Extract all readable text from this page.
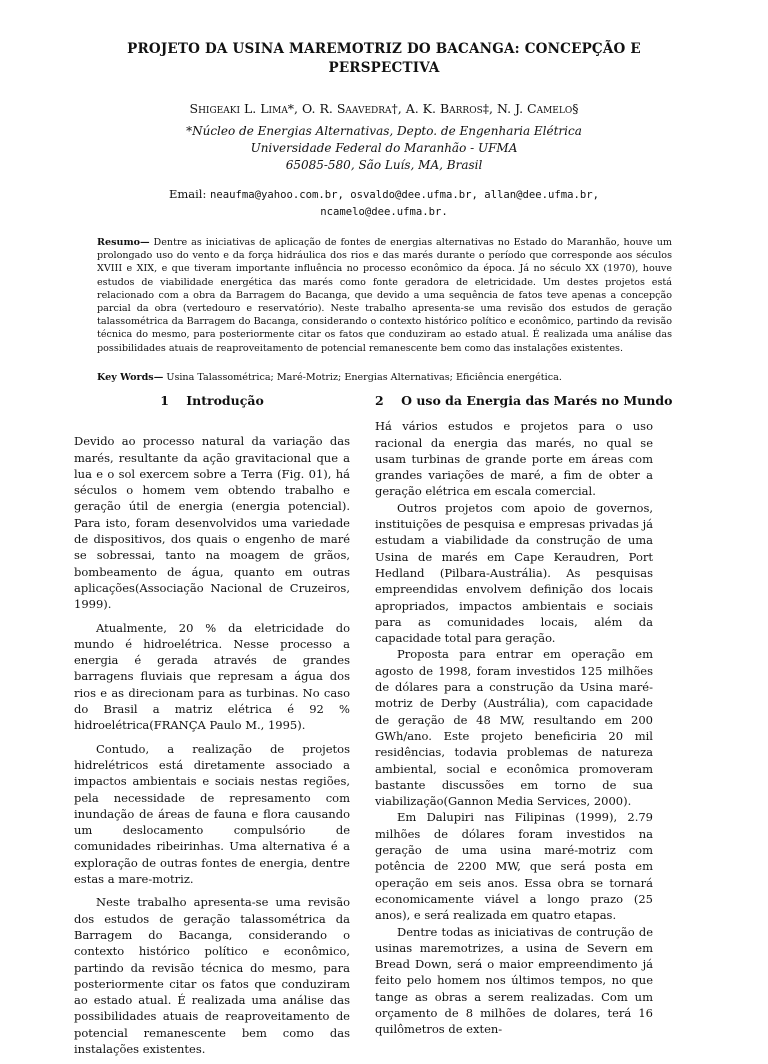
PROJETO DA USINA MAREMOTRIZ DO BACANGA: CONCEPÇÃO E
PERSPECTIVA
Shigeaki L. Lima*, O. R. Saavedra†, A. K. Barros‡, N. J. Camelo§
*Núcleo de Energias Alternativas, Depto. de Engenharia Elétrica
Universidade Federal do Maranhão - UFMA
65085-580, São Luís, MA, Brasil
Email: neaufma@yahoo.com.br, osvaldo@dee.ufma.br, allan@dee.ufma.br,
ncamelo@dee.ufma.br.
Resumo— Dentre as iniciativas de aplicação de fontes de energias alternativas no Estado do Maranhão, houve um prolongado uso do vento e da força hidráulica dos rios e das marés durante o período que corresponde aos séculos XVIII e XIX, e que tiveram importante influência no processo econômico da época. Já no século XX (1970), houve estudos de viabilidade energética das marés como fonte geradora de eletricidade. Um destes projetos está relacionado com a obra da Barragem do Bacanga, que devido a uma sequência de fatos teve apenas a concepção parcial da obra (vertedouro e reservatório). Neste trabalho apresenta-se uma revisão dos estudos de geração talassométrica da Barragem do Bacanga, considerando o contexto histórico político e econômico, partindo da revisão técnica do mesmo, para posteriormente citar os fatos que conduziram ao estado atual. É realizada uma análise das possibilidades atuais de reaproveitamento de potencial remanescente bem como das instalações existentes.
Key Words— Usina Talassométrica; Maré-Motriz; Energias Alternativas; Eficiência energética.
1    Introdução

Devido ao processo natural da variação das marés, resultante da ação gravitacional que a lua e o sol exercem sobre a Terra (Fig. 01), há séculos o homem vem obtendo trabalho e geração útil de energia (energia potencial). Para isto, foram desenvolvidos uma variedade de dispositivos, dos quais o engenho de maré se sobressai, tanto na moagem de grãos, bombeamento de água, quanto em outras aplicações(Associação Nacional de Cruzeiros, 1999).

Atualmente, 20 % da eletricidade do mundo é hidroelétrica. Nesse processo a energia é gerada através de grandes barragens fluviais que represam a água dos rios e as direcionam para as turbinas. No caso do Brasil a matriz elétrica é 92 % hidroelétrica(FRANÇA Paulo M., 1995).

Contudo, a realização de projetos hidrelétricos está diretamente associado a impactos ambientais e sociais nestas regiões, pela necessidade de represamento com inundação de áreas de fauna e flora causando um deslocamento compulsório de comunidades ribeirinhas. Uma alternativa é a exploração de outras fontes de energia, dentre estas a mare-motriz.

Neste trabalho apresenta-se uma revisão dos estudos de geração talassométrica da Barragem do Bacanga, considerando o contexto histórico político e econômico, partindo da revisão técnica do mesmo, para posteriormente citar os fatos que conduziram ao estado atual. É realizada uma análise das possibilidades atuais de reaproveitamento de potencial remanescente bem como das instalações existentes.

2    O uso da Energia das Marés no Mundo

Há vários estudos e projetos para o uso racional da energia das marés, no qual se usam turbinas de grande porte em áreas com grandes variações de maré, a fim de obter a geração elétrica em escala comercial.

Outros projetos com apoio de governos, instituições de pesquisa e empresas privadas já estudam a viabilidade da construção de uma Usina de marés em Cape Keraudren, Port Hedland (Pilbara-Austrália). As pesquisas empreendidas envolvem definição dos locais apropriados, impactos ambientais e sociais para as comunidades locais, além da capacidade total para geração.

Proposta para entrar em operação em agosto de 1998, foram investidos 125 milhões de dólares para a construção da Usina maré-motriz de Derby (Austrália), com capacidade de geração de 48 MW, resultando em 200 GWh/ano. Este projeto beneficiria 20 mil residências, todavia problemas de natureza ambiental, social e econômica promoveram bastante discussões em torno de sua viabilização(Gannon Media Services, 2000).

Em Dalupiri nas Filipinas (1999), 2.79 milhões de dólares foram investidos na geração de uma usina maré-motriz com potência de 2200 MW, que será posta em operação em seis anos. Essa obra se tornará economicamente viável a longo prazo (25 anos), e será realizada em quatro etapas.

Dentre todas as iniciativas de contrução de usinas maremotrizes, a usina de Severn em Bread Down, será o maior empreendimento já feito pelo homem nos últimos tempos, no que tange as obras a serem realizadas. Com um orçamento de 8 milhões de dolares, terá 16 quilômetros de exten-
